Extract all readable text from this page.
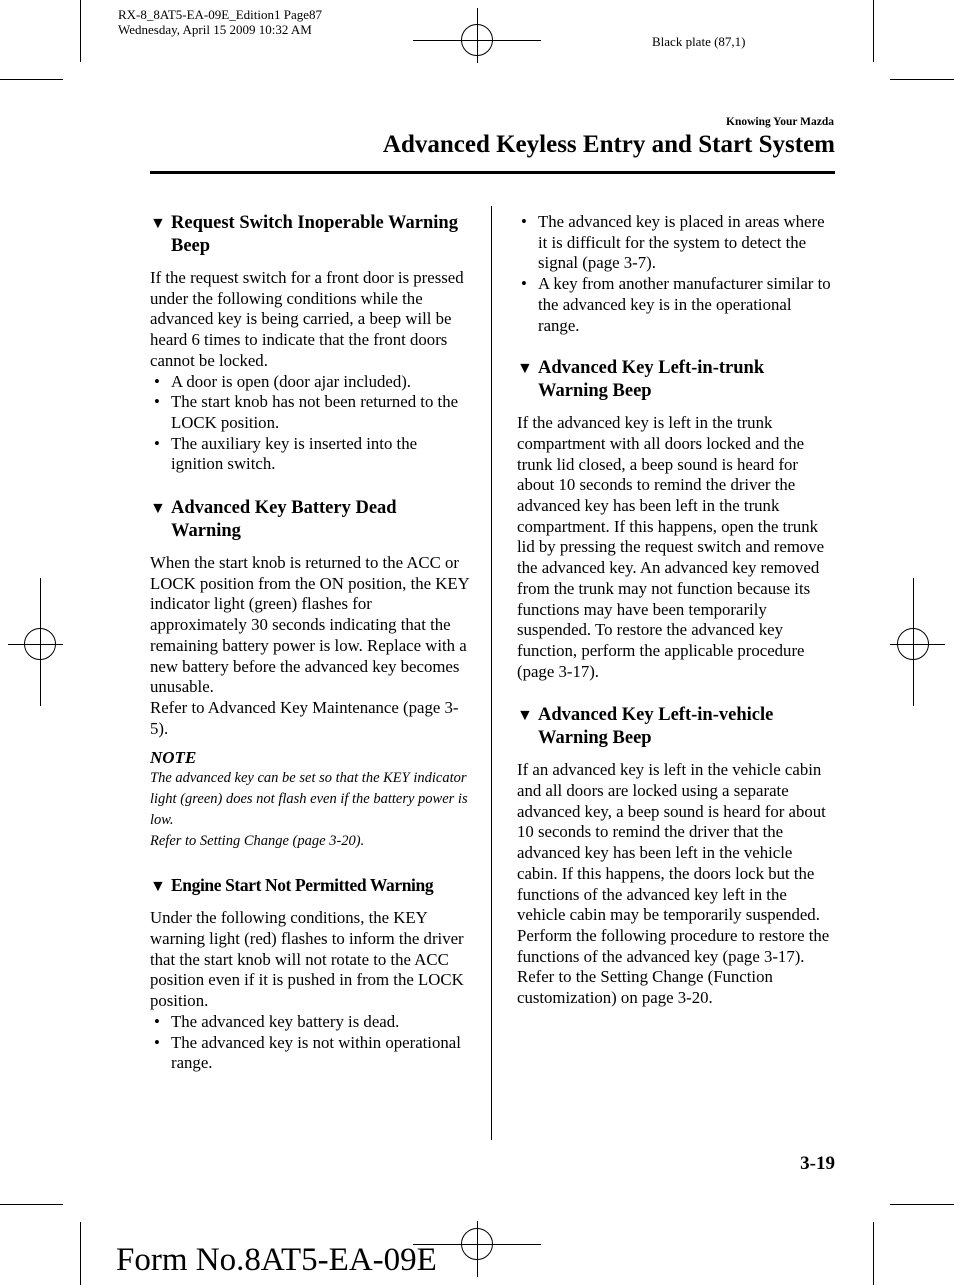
RX-8_8AT5-EA-09E_Edition1 Page87
Wednesday, April 15 2009 10:32 AM
Black plate (87,1)
Knowing Your Mazda
Advanced Keyless Entry and Start System
▼ Request Switch Inoperable Warning Beep

If the request switch for a front door is pressed under the following conditions while the advanced key is being carried, a beep will be heard 6 times to indicate that the front doors cannot be locked.

• A door is open (door ajar included).
• The start knob has not been returned to the LOCK position.
• The auxiliary key is inserted into the ignition switch.
▼ Advanced Key Battery Dead Warning

When the start knob is returned to the ACC or LOCK position from the ON position, the KEY indicator light (green) flashes for approximately 30 seconds indicating that the remaining battery power is low. Replace with a new battery before the advanced key becomes unusable.

Refer to Advanced Key Maintenance (page 3-5).

NOTE
The advanced key can be set so that the KEY indicator light (green) does not flash even if the battery power is low.
Refer to Setting Change (page 3-20).
▼ Engine Start Not Permitted Warning

Under the following conditions, the KEY warning light (red) flashes to inform the driver that the start knob will not rotate to the ACC position even if it is pushed in from the LOCK position.

• The advanced key battery is dead.
• The advanced key is not within operational range.
• The advanced key is placed in areas where it is difficult for the system to detect the signal (page 3-7).
• A key from another manufacturer similar to the advanced key is in the operational range.
▼ Advanced Key Left-in-trunk Warning Beep

If the advanced key is left in the trunk compartment with all doors locked and the trunk lid closed, a beep sound is heard for about 10 seconds to remind the driver the advanced key has been left in the trunk compartment. If this happens, open the trunk lid by pressing the request switch and remove the advanced key. An advanced key removed from the trunk may not function because its functions may have been temporarily suspended. To restore the advanced key function, perform the applicable procedure (page 3-17).

▼ Advanced Key Left-in-vehicle Warning Beep

If an advanced key is left in the vehicle cabin and all doors are locked using a separate advanced key, a beep sound is heard for about 10 seconds to remind the driver that the advanced key has been left in the vehicle cabin. If this happens, the doors lock but the functions of the advanced key left in the vehicle cabin may be temporarily suspended. Perform the following procedure to restore the functions of the advanced key (page 3-17).

Refer to the Setting Change (Function customization) on page 3-20.

3-19
Form No.8AT5-EA-09E
